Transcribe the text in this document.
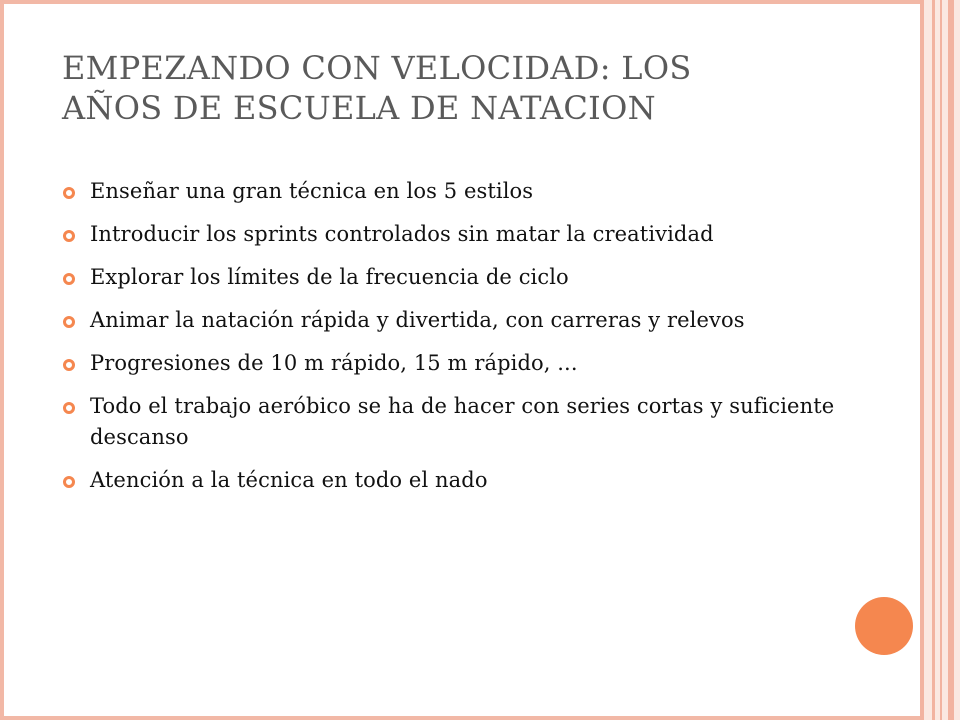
EMPEZANDO CON VELOCIDAD: LOS
AÑOS DE ESCUELA DE NATACION
Enseñar una gran técnica en los 5 estilos
Introducir los sprints controlados sin matar la creatividad
Explorar los límites de la frecuencia de ciclo
Animar la natación rápida y divertida, con carreras y relevos
Progresiones de 10 m rápido, 15 m rápido, ...
Todo el trabajo aeróbico se ha de hacer con series cortas y suficiente descanso
Atención a la técnica en todo el nado
